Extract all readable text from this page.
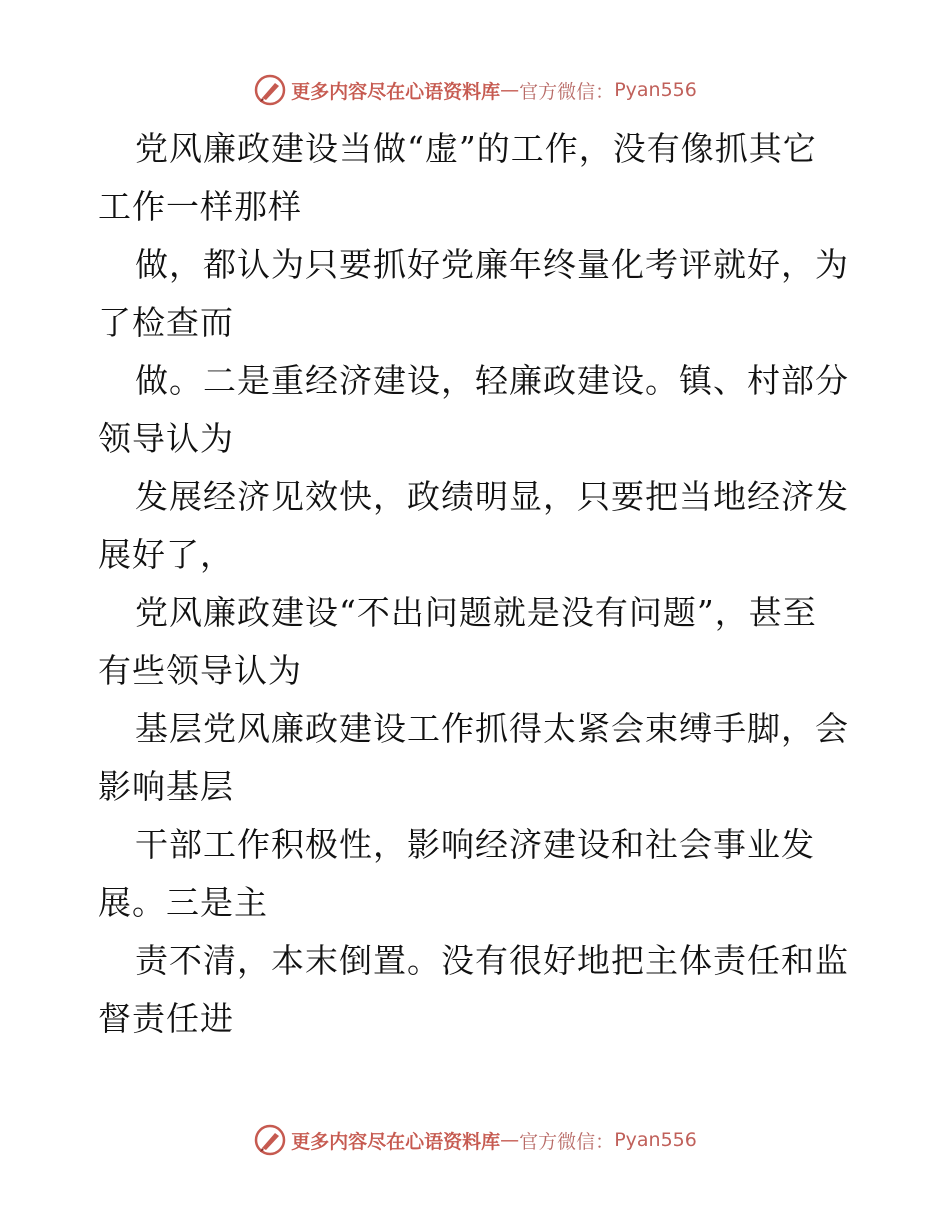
更多内容尽在心语资料库 — 官方微信： Pyan556

党风廉政建设当做“虚”的工作，没有像抓其它工作一样那样

做，都认为只要抓好党廉年终量化考评就好，为了检查而

做。二是重经济建设，轻廉政建设。镇、村部分领导认为

发展经济见效快，政绩明显，只要把当地经济发展好了，

党风廉政建设“不出问题就是没有问题”，甚至有些领导认为

基层党风廉政建设工作抓得太紧会束缚手脚，会影响基层

干部工作积极性，影响经济建设和社会事业发展。三是主

责不清，本末倒置。没有很好地把主体责任和监督责任进

更多内容尽在心语资料库 — 官方微信： Pyan556
